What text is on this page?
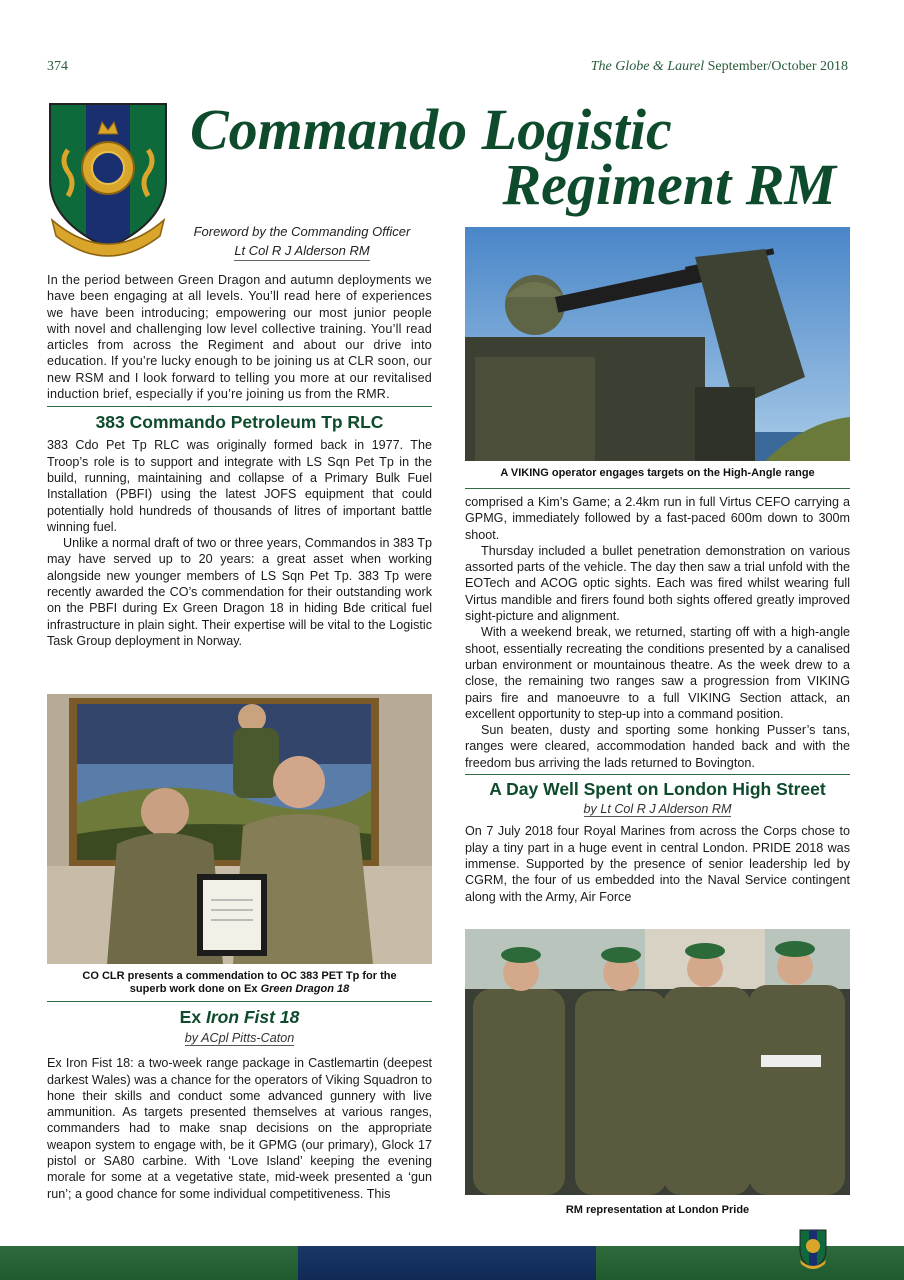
374	The Globe & Laurel September/October 2018
Commando Logistic
Regiment RM
Foreword by the Commanding Officer
Lt Col R J Alderson RM

In the period between Green Dragon and autumn deployments we have been engaging at all levels. You’ll read here of experiences we have been introducing; empowering our most junior people with novel and challenging low level collective training. You’ll read articles from across the Regiment and about our drive into education. If you’re lucky enough to be joining us at CLR soon, our new RSM and I look forward to telling you more at our revitalised induction brief, especially if you’re joining us from the RMR.

383 Commando Petroleum Tp RLC

383 Cdo Pet Tp RLC was originally formed back in 1977. The Troop’s role is to support and integrate with LS Sqn Pet Tp in the build, running, maintaining and collapse of a Primary Bulk Fuel Installation (PBFI) using the latest JOFS equipment that could potentially hold hundreds of thousands of litres of important battle winning fuel.

Unlike a normal draft of two or three years, Commandos in 383 Tp may have served up to 20 years: a great asset when working alongside new younger members of LS Sqn Pet Tp. 383 Tp were recently awarded the CO’s commendation for their outstanding work on the PBFI during Ex Green Dragon 18 in hiding Bde critical fuel infrastructure in plain sight. Their expertise will be vital to the Logistic Task Group deployment in Norway.

CO CLR presents a commendation to OC 383 PET Tp for the
superb work done on Ex Green Dragon 18
Ex Iron Fist 18
by ACpl Pitts-Caton

Ex Iron Fist 18: a two-week range package in Castlemartin (deepest darkest Wales) was a chance for the operators of Viking Squadron to hone their skills and conduct some advanced gunnery with live ammunition. As targets presented themselves at various ranges, commanders had to make snap decisions on the appropriate weapon system to engage with, be it GPMG (our primary), Glock 17 pistol or SA80 carbine. With ‘Love Island’ keeping the evening morale for some at a vegetative state, mid-week presented a ‘gun run’; a good chance for some individual competitiveness. This

A VIKING operator engages targets on the High-Angle range

comprised a Kim’s Game; a 2.4km run in full Virtus CEFO carrying a GPMG, immediately followed by a fast-paced 600m down to 300m shoot.

Thursday included a bullet penetration demonstration on various assorted parts of the vehicle. The day then saw a trial unfold with the EOTech and ACOG optic sights. Each was fired whilst wearing full Virtus mandible and firers found both sights offered greatly improved sight-picture and alignment.

With a weekend break, we returned, starting off with a high-angle shoot, essentially recreating the conditions presented by a canalised urban environment or mountainous theatre. As the week drew to a close, the remaining two ranges saw a progression from VIKING pairs fire and manoeuvre to a full VIKING Section attack, an excellent opportunity to step-up into a command position.

Sun beaten, dusty and sporting some honking Pusser’s tans, ranges were cleared, accommodation handed back and with the freedom bus arriving the lads returned to Bovington.

A Day Well Spent on London High Street
by Lt Col R J Alderson RM

On 7 July 2018 four Royal Marines from across the Corps chose to play a tiny part in a huge event in central London. PRIDE 2018 was immense. Supported by the presence of senior leadership led by CGRM, the four of us embedded into the Naval Service contingent along with the Army, Air Force

RM representation at London Pride
